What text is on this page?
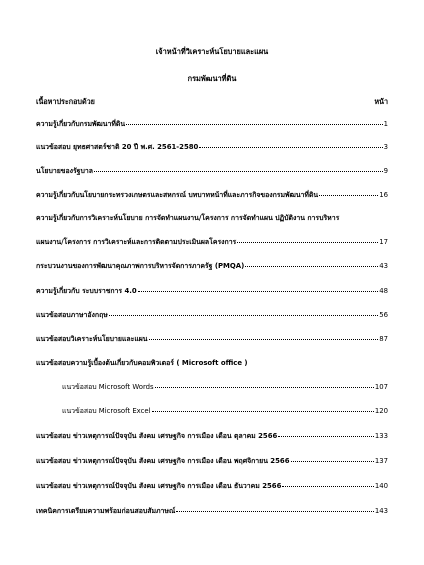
เจ้าหน้าที่วิเคราะห์นโยบายและแผน
กรมพัฒนาที่ดิน
เนื้อหาประกอบด้วย	หน้า
ความรู้เกี่ยวกับกรมพัฒนาที่ดิน	1
แนวข้อสอบ ยุทธศาสตร์ชาติ 20 ปี พ.ศ. 2561-2580	3
นโยบายของรัฐบาล	9
ความรู้เกี่ยวกับนโยบายกระทรวงเกษตรและสหกรณ์ บทบาทหน้าที่และภารกิจของกรมพัฒนาที่ดิน	16
ความรู้เกี่ยวกับการวิเคราะห์นโยบาย การจัดทำแผนงาน/โครงการ การจัดทำแผน ปฏิบัติงาน การบริหาร
แผนงาน/โครงการ การวิเคราะห์และการติดตามประเมินผลโครงการ	17
กระบวนงานของการพัฒนาคุณภาพการบริหารจัดการภาครัฐ (PMQA)	43
ความรู้เกี่ยวกับ ระบบราชการ 4.0	48
แนวข้อสอบภาษาอังกฤษ	56
แนวข้อสอบวิเคราะห์นโยบายและแผน	87
แนวข้อสอบความรู้เบื้องต้นเกี่ยวกับคอมพิวเตอร์ ( Microsoft office )
แนวข้อสอบ Microsoft Words	107
แนวข้อสอบ Microsoft Excel	120
แนวข้อสอบ ข่าวเหตุการณ์ปัจจุบัน สังคม เศรษฐกิจ การเมือง เดือน ตุลาคม 2566	133
แนวข้อสอบ ข่าวเหตุการณ์ปัจจุบัน สังคม เศรษฐกิจ การเมือง เดือน พฤศจิกายน 2566	137
แนวข้อสอบ ข่าวเหตุการณ์ปัจจุบัน สังคม เศรษฐกิจ การเมือง เดือน ธันวาคม 2566	140
เทคนิคการเตรียมความพร้อมก่อนสอบสัมภาษณ์	143
